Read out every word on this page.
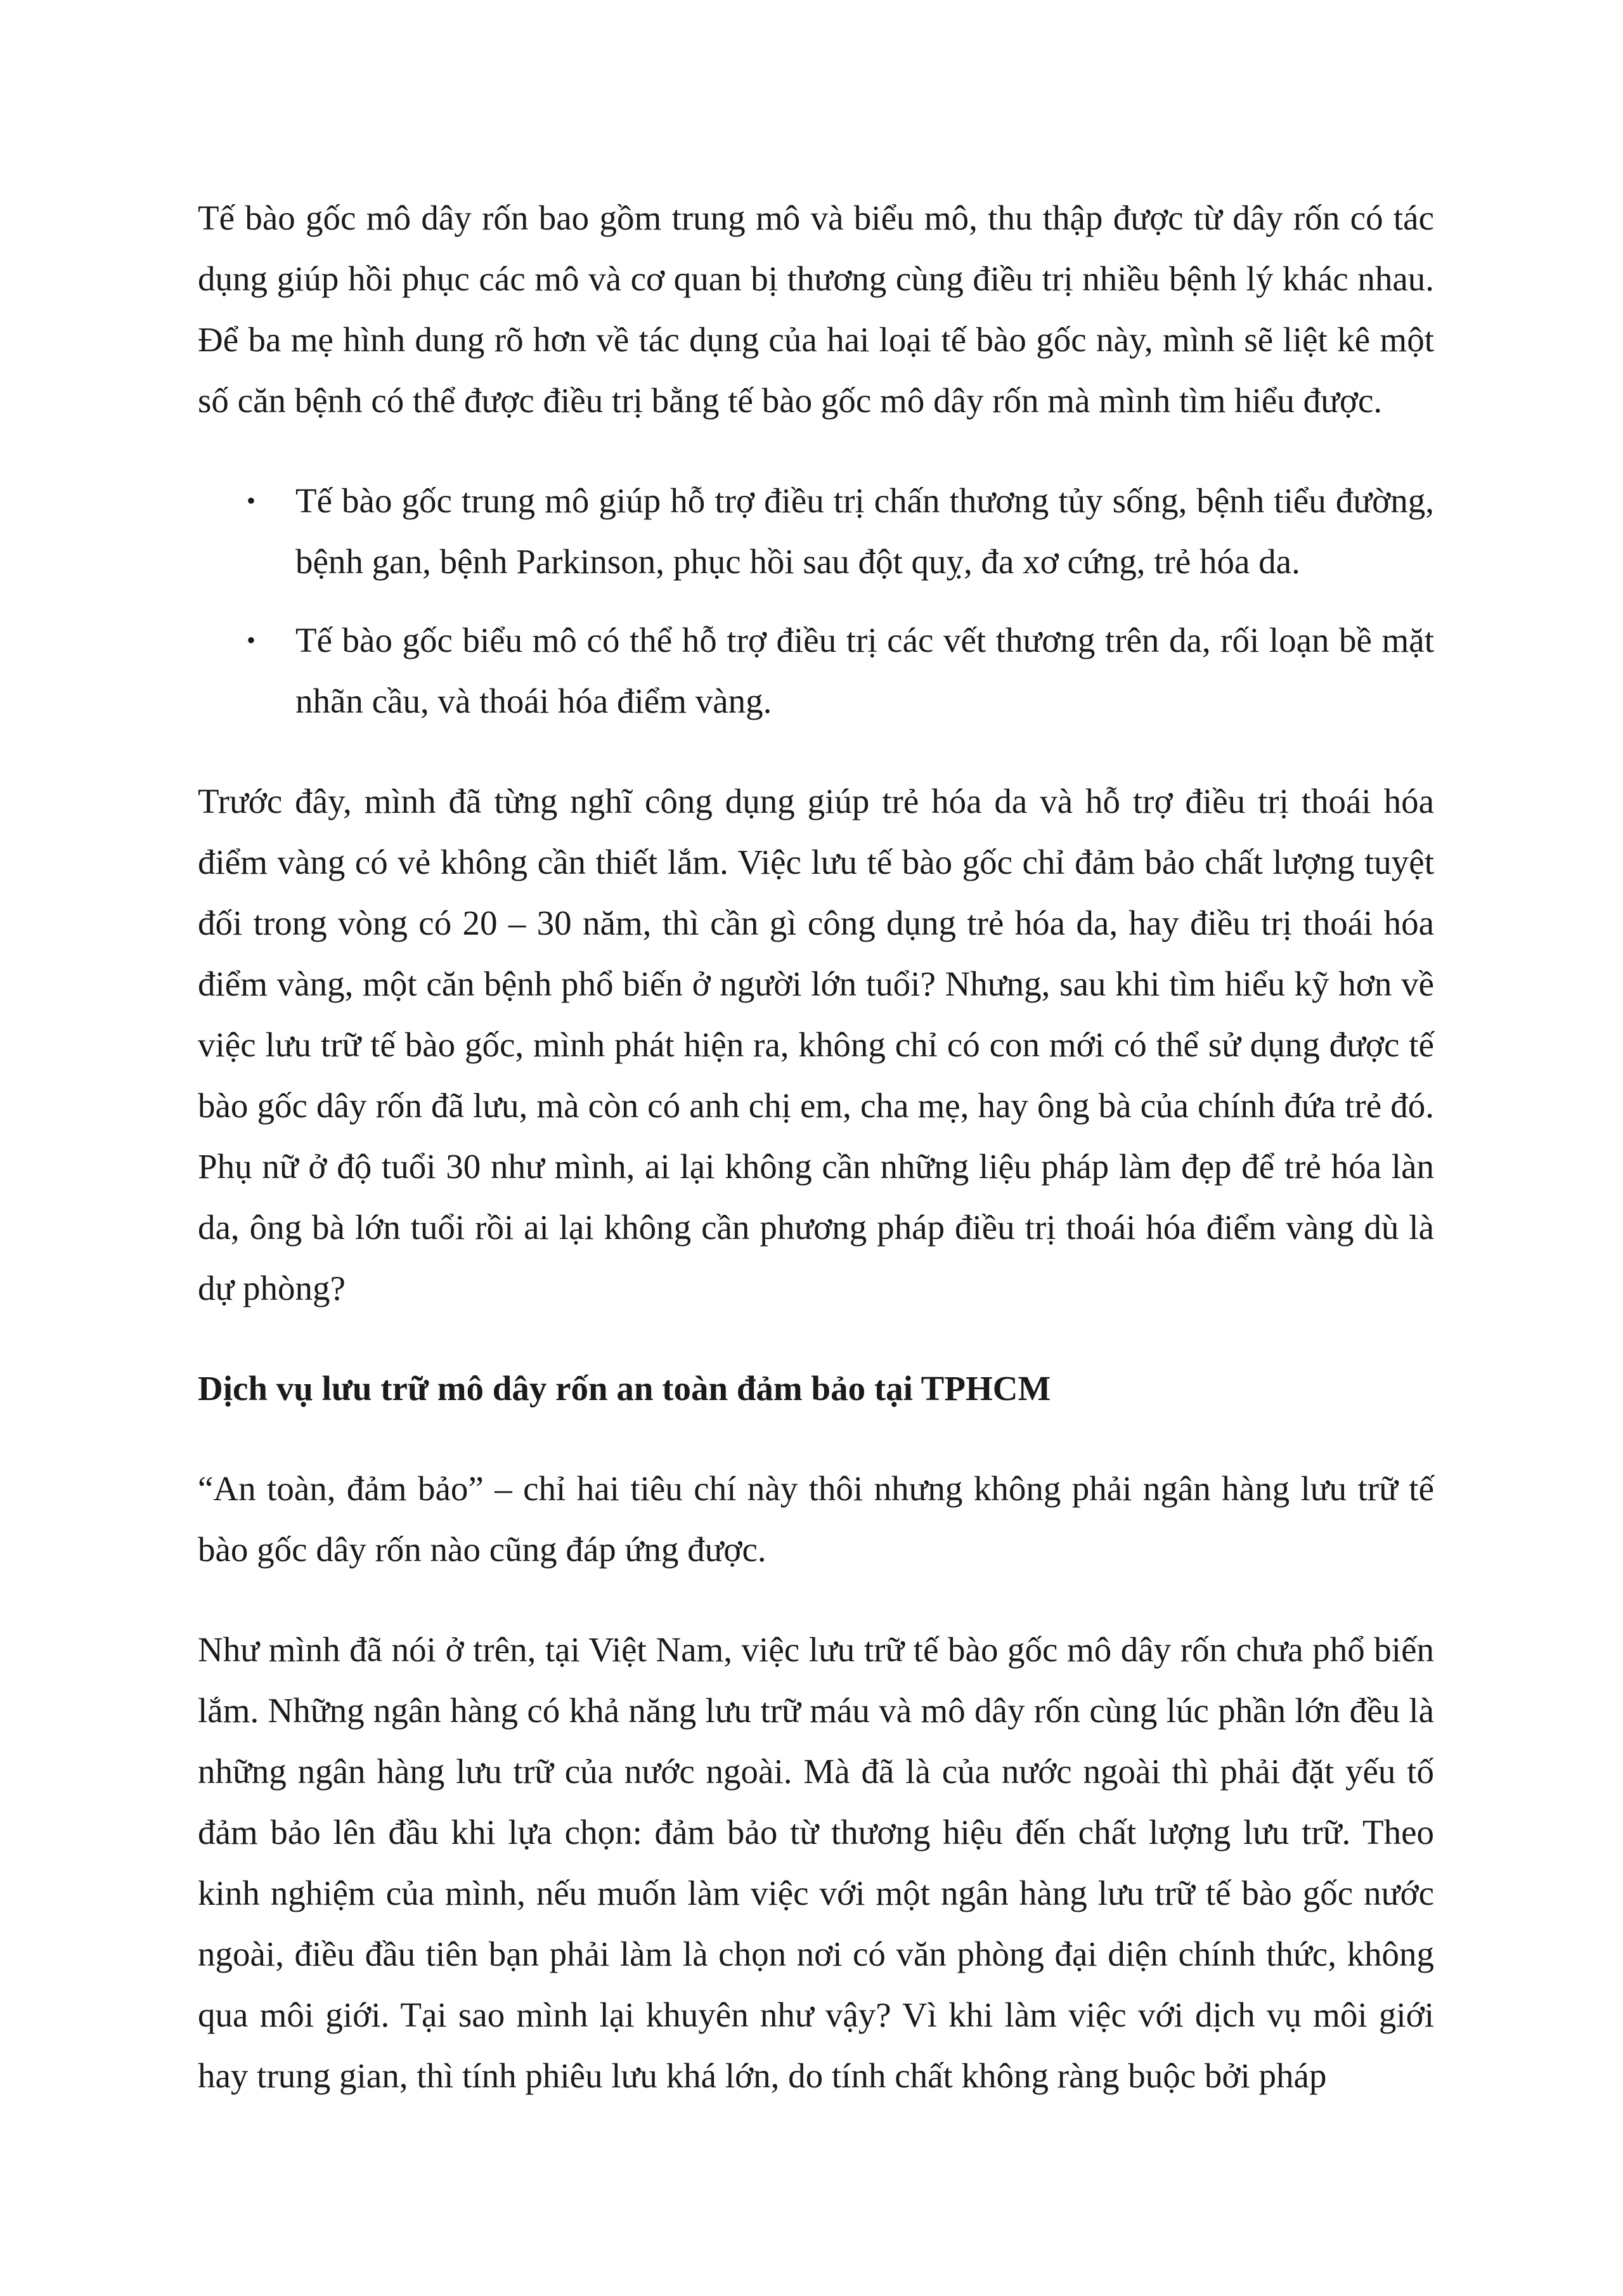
Tế bào gốc mô dây rốn bao gồm trung mô và biểu mô, thu thập được từ dây rốn có tác dụng giúp hồi phục các mô và cơ quan bị thương cùng điều trị nhiều bệnh lý khác nhau. Để ba mẹ hình dung rõ hơn về tác dụng của hai loại tế bào gốc này, mình sẽ liệt kê một số căn bệnh có thể được điều trị bằng tế bào gốc mô dây rốn mà mình tìm hiểu được.

•	Tế bào gốc trung mô giúp hỗ trợ điều trị chấn thương tủy sống, bệnh tiểu đường, bệnh gan, bệnh Parkinson, phục hồi sau đột quỵ, đa xơ cứng, trẻ hóa da.
•	Tế bào gốc biểu mô có thể hỗ trợ điều trị các vết thương trên da, rối loạn bề mặt nhãn cầu, và thoái hóa điểm vàng.

Trước đây, mình đã từng nghĩ công dụng giúp trẻ hóa da và hỗ trợ điều trị thoái hóa điểm vàng có vẻ không cần thiết lắm. Việc lưu tế bào gốc chỉ đảm bảo chất lượng tuyệt đối trong vòng có 20 – 30 năm, thì cần gì công dụng trẻ hóa da, hay điều trị thoái hóa điểm vàng, một căn bệnh phổ biến ở người lớn tuổi? Nhưng, sau khi tìm hiểu kỹ hơn về việc lưu trữ tế bào gốc, mình phát hiện ra, không chỉ có con mới có thể sử dụng được tế bào gốc dây rốn đã lưu, mà còn có anh chị em, cha mẹ, hay ông bà của chính đứa trẻ đó. Phụ nữ ở độ tuổi 30 như mình, ai lại không cần những liệu pháp làm đẹp để trẻ hóa làn da, ông bà lớn tuổi rồi ai lại không cần phương pháp điều trị thoái hóa điểm vàng dù là dự phòng?

Dịch vụ lưu trữ mô dây rốn an toàn đảm bảo tại TPHCM

“An toàn, đảm bảo” – chỉ hai tiêu chí này thôi nhưng không phải ngân hàng lưu trữ tế bào gốc dây rốn nào cũng đáp ứng được.

Như mình đã nói ở trên, tại Việt Nam, việc lưu trữ tế bào gốc mô dây rốn chưa phổ biến lắm. Những ngân hàng có khả năng lưu trữ máu và mô dây rốn cùng lúc phần lớn đều là những ngân hàng lưu trữ của nước ngoài. Mà đã là của nước ngoài thì phải đặt yếu tố đảm bảo lên đầu khi lựa chọn: đảm bảo từ thương hiệu đến chất lượng lưu trữ. Theo kinh nghiệm của mình, nếu muốn làm việc với một ngân hàng lưu trữ tế bào gốc nước ngoài, điều đầu tiên bạn phải làm là chọn nơi có văn phòng đại diện chính thức, không qua môi giới. Tại sao mình lại khuyên như vậy? Vì khi làm việc với dịch vụ môi giới hay trung gian, thì tính phiêu lưu khá lớn, do tính chất không ràng buộc bởi pháp
